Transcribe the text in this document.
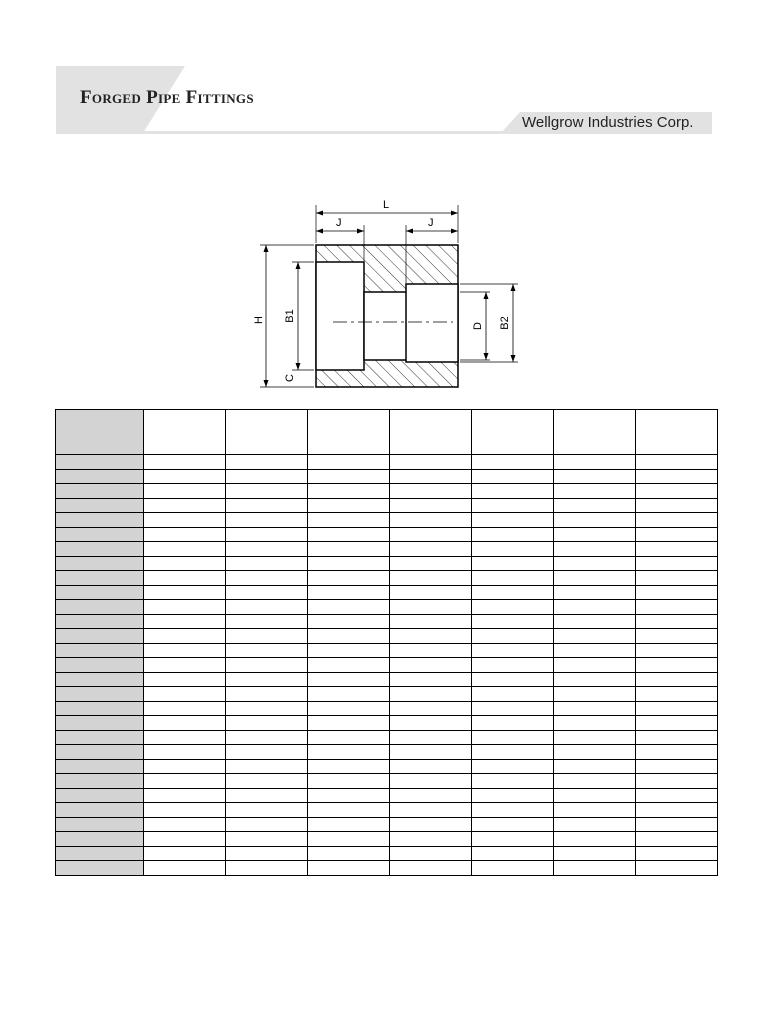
Forged Pipe Fittings
Wellgrow Industries Corp.
L
J	J
H B1
C
D B2
